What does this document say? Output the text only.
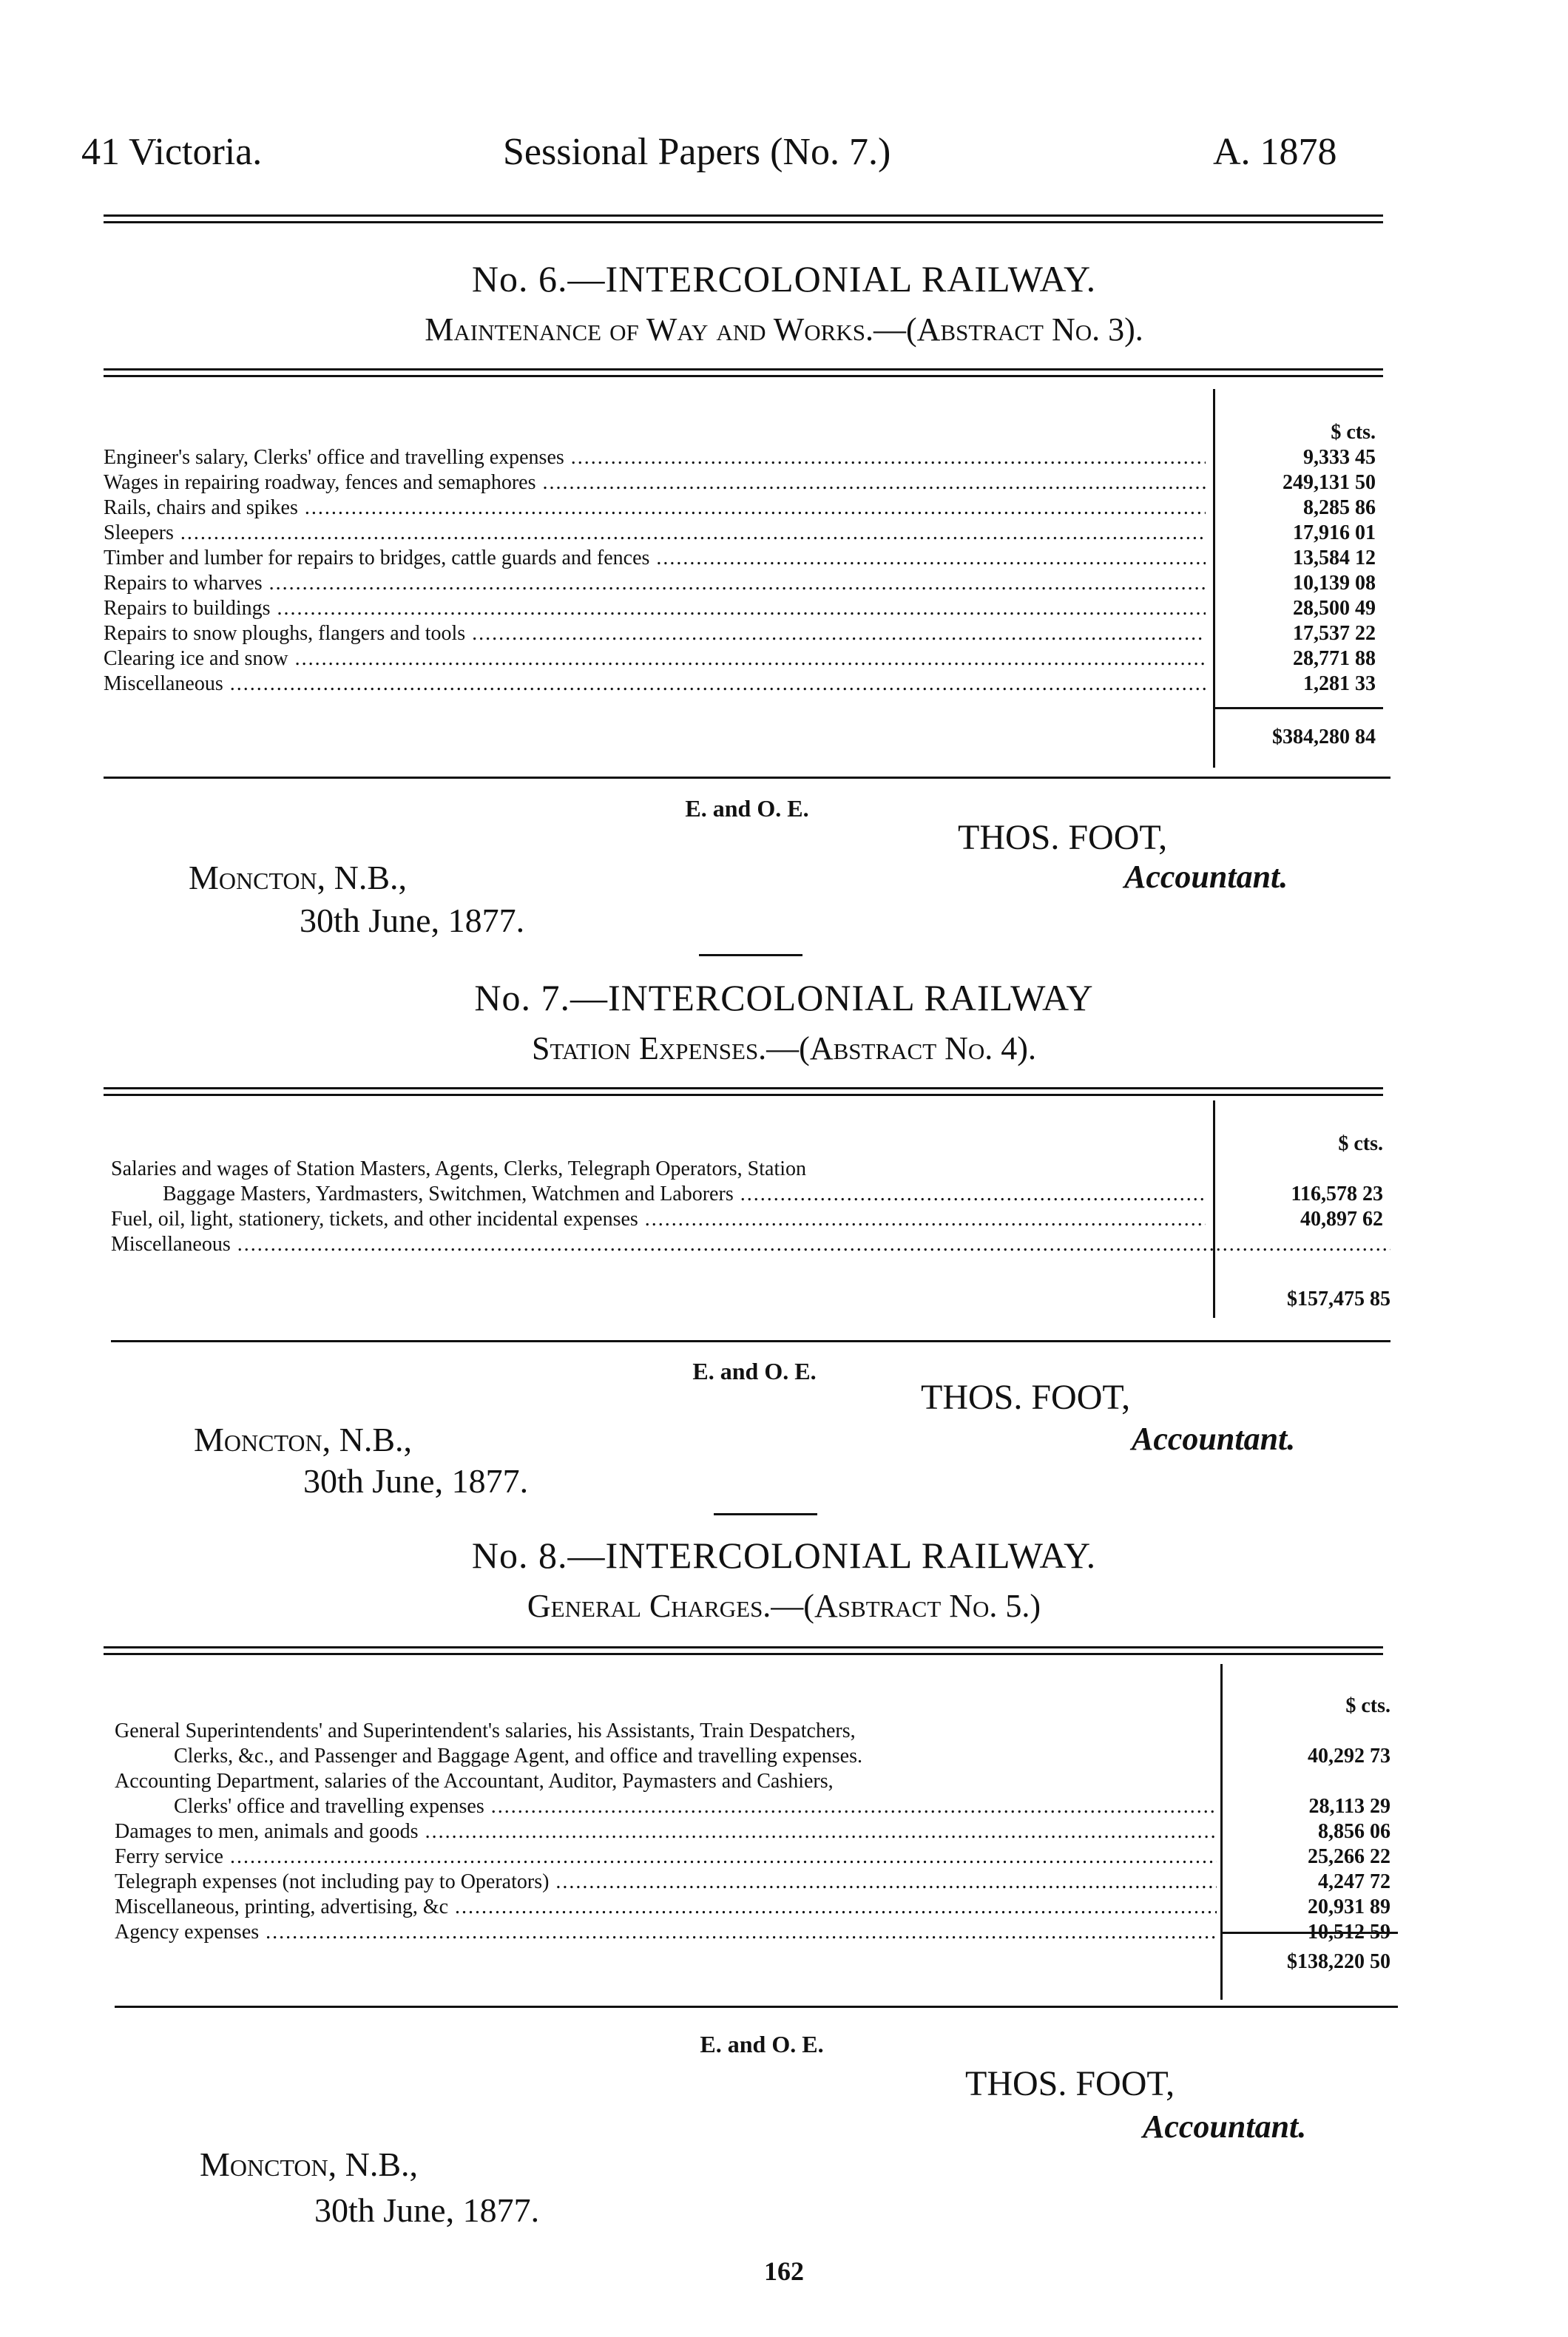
41 Victoria.	Sessional Papers (No. 7.)	A. 1878
No. 6.—INTERCOLONIAL RAILWAY.
Maintenance of Way and Works.—(Abstract No. 3).
$ cts.
Engineer's salary, Clerks' office and travelling expenses .....	9,333 45
Wages in repairing roadway, fences and semaphores .....	249,131 50
Rails, chairs and spikes .....	8,285 86
Sleepers .....	17,916 01
Timber and lumber for repairs to bridges, cattle guards and fences .....	13,584 12
Repairs to wharves .....	10,139 08
Repairs to buildings .....	28,500 49
Repairs to snow ploughs, flangers and tools .....	17,537 22
Clearing ice and snow .....	28,771 88
Miscellaneous .....	1,281 33
$384,280 84
E. and O. E.
THOS. FOOT,
Accountant.
Moncton, N.B.,
30th June, 1877.
No. 7.—INTERCOLONIAL RAILWAY
Station Expenses.—(Abstract No. 4).
$ cts.
Salaries and wages of Station Masters, Agents, Clerks, Telegraph Operators, Station
Baggage Masters, Yardmasters, Switchmen, Watchmen and Laborers .....	116,578 23
Fuel, oil, light, stationery, tickets, and other incidental expenses .....	40,897 62
Miscellaneous .....
$157,475 85
E. and O. E.
THOS. FOOT,
Accountant.
Moncton, N.B.,
30th June, 1877.
No. 8.—INTERCOLONIAL RAILWAY.
General Charges.—(Asbtract No. 5.)
$ cts.
General Superintendents' and Superintendent's salaries, his Assistants, Train Despatchers,
Clerks, &c., and Passenger and Baggage Agent, and office and travelling expenses.	40,292 73
Accounting Department, salaries of the Accountant, Auditor, Paymasters and Cashiers,
Clerks' office and travelling expenses .....	28,113 29
Damages to men, animals and goods .....	8,856 06
Ferry service .....	25,266 22
Telegraph expenses (not including pay to Operators) .....	4,247 72
Miscellaneous, printing, advertising, &c .....	20,931 89
Agency expenses .....	10,512 59
$138,220 50
E. and O. E.
THOS. FOOT,
Accountant.
Moncton, N.B.,
30th June, 1877.
162
